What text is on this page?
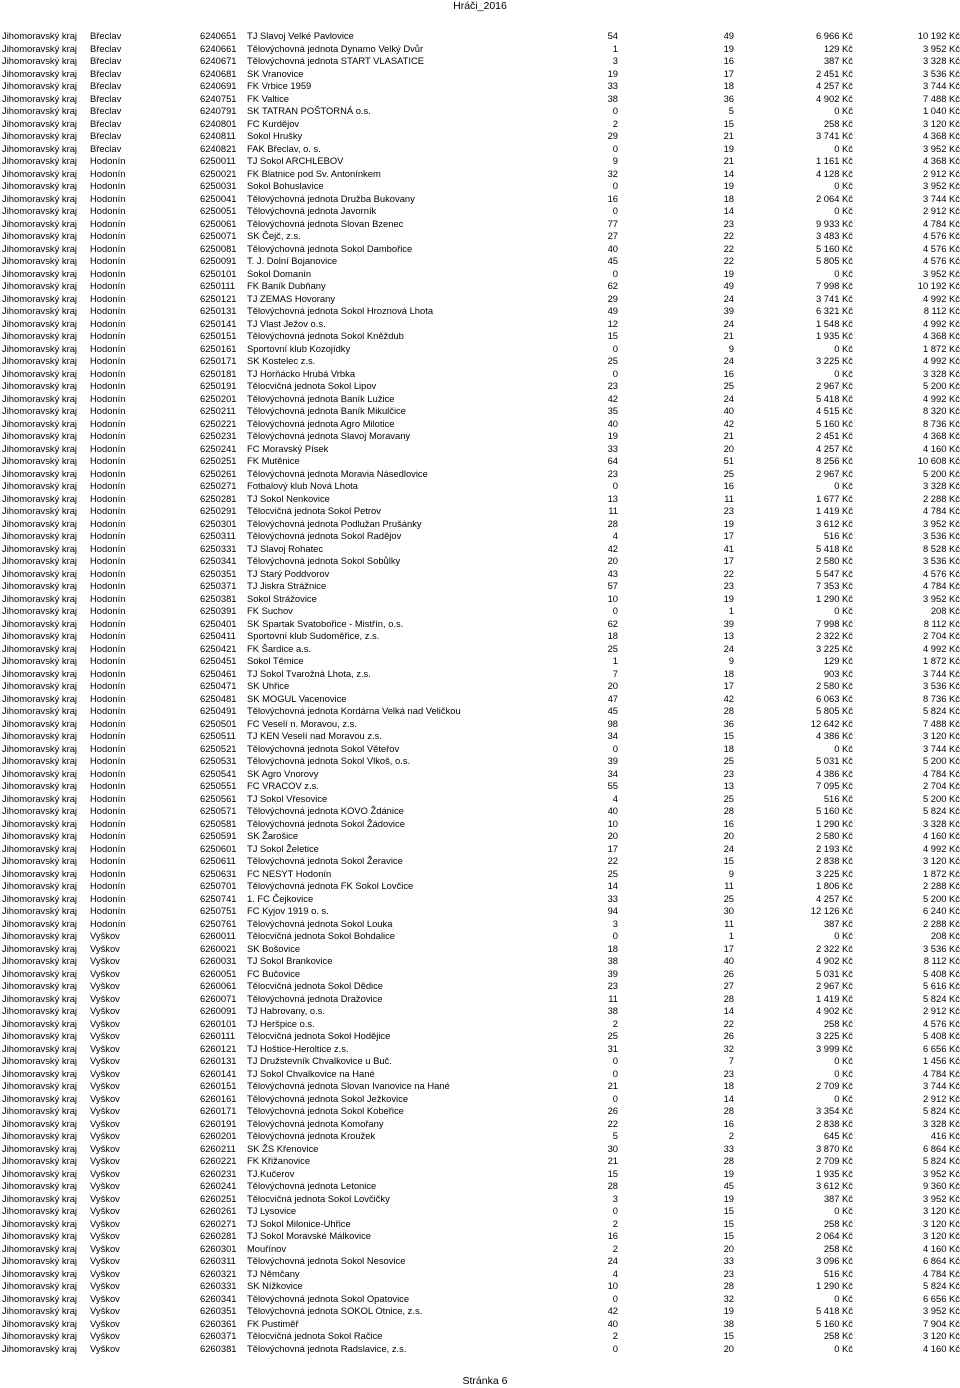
Hráči_2016
Jihomoravský kraj	Břeclav	6240651	TJ Slavoj Velké Pavlovice	54	49	6 966 Kč	10 192 Kč
Jihomoravský kraj	Břeclav	6240661	Tělovýchovná jednota Dynamo Velký Dvůr	1	19	129 Kč	3 952 Kč
Jihomoravský kraj	Břeclav	6240671	Tělovýchovná jednota START VLASATICE	3	16	387 Kč	3 328 Kč
Jihomoravský kraj	Břeclav	6240681	SK Vranovice	19	17	2 451 Kč	3 536 Kč
Jihomoravský kraj	Břeclav	6240691	FK Vrbice 1959	33	18	4 257 Kč	3 744 Kč
Jihomoravský kraj	Břeclav	6240751	FK Valtice	38	36	4 902 Kč	7 488 Kč
Jihomoravský kraj	Břeclav	6240791	SK TATRAN POŠTORNÁ o.s.	0	5	0 Kč	1 040 Kč
Jihomoravský kraj	Břeclav	6240801	FC Kurdějov	2	15	258 Kč	3 120 Kč
Jihomoravský kraj	Břeclav	6240811	Sokol Hrušky	29	21	3 741 Kč	4 368 Kč
Jihomoravský kraj	Břeclav	6240821	FAK Břeclav, o. s.	0	19	0 Kč	3 952 Kč
Jihomoravský kraj	Hodonín	6250011	TJ Sokol ARCHLEBOV	9	21	1 161 Kč	4 368 Kč
Jihomoravský kraj	Hodonín	6250021	FK Blatnice pod Sv. Antonínkem	32	14	4 128 Kč	2 912 Kč
Jihomoravský kraj	Hodonín	6250031	Sokol Bohuslavice	0	19	0 Kč	3 952 Kč
Jihomoravský kraj	Hodonín	6250041	Tělovýchovná jednota Družba Bukovany	16	18	2 064 Kč	3 744 Kč
Jihomoravský kraj	Hodonín	6250051	Tělovýchovná jednota Javorník	0	14	0 Kč	2 912 Kč
Jihomoravský kraj	Hodonín	6250061	Tělovýchovná jednota Slovan Bzenec	77	23	9 933 Kč	4 784 Kč
Jihomoravský kraj	Hodonín	6250071	SK Čejč, z.s.	27	22	3 483 Kč	4 576 Kč
Jihomoravský kraj	Hodonín	6250081	Tělovýchovná jednota Sokol Dambořice	40	22	5 160 Kč	4 576 Kč
Jihomoravský kraj	Hodonín	6250091	T. J. Dolní Bojanovice	45	22	5 805 Kč	4 576 Kč
Jihomoravský kraj	Hodonín	6250101	Sokol Domanín	0	19	0 Kč	3 952 Kč
Jihomoravský kraj	Hodonín	6250111	FK Baník Dubňany	62	49	7 998 Kč	10 192 Kč
Jihomoravský kraj	Hodonín	6250121	TJ ZEMAS Hovorany	29	24	3 741 Kč	4 992 Kč
Jihomoravský kraj	Hodonín	6250131	Tělovýchovná jednota Sokol Hroznová Lhota	49	39	6 321 Kč	8 112 Kč
Jihomoravský kraj	Hodonín	6250141	TJ Vlast Ježov o.s.	12	24	1 548 Kč	4 992 Kč
Jihomoravský kraj	Hodonín	6250151	Tělovýchovná jednota Sokol Kněždub	15	21	1 935 Kč	4 368 Kč
Jihomoravský kraj	Hodonín	6250161	Sportovní klub Kozojídky	0	9	0 Kč	1 872 Kč
Jihomoravský kraj	Hodonín	6250171	SK Kostelec z.s.	25	24	3 225 Kč	4 992 Kč
Jihomoravský kraj	Hodonín	6250181	TJ Horňácko Hrubá Vrbka	0	16	0 Kč	3 328 Kč
Jihomoravský kraj	Hodonín	6250191	Tělocvičná jednota Sokol Lipov	23	25	2 967 Kč	5 200 Kč
Jihomoravský kraj	Hodonín	6250201	Tělovýchovná jednota Baník Lužice	42	24	5 418 Kč	4 992 Kč
Jihomoravský kraj	Hodonín	6250211	Tělovýchovná jednota Baník Mikulčice	35	40	4 515 Kč	8 320 Kč
Jihomoravský kraj	Hodonín	6250221	Tělovýchovná jednota Agro Milotice	40	42	5 160 Kč	8 736 Kč
Jihomoravský kraj	Hodonín	6250231	Tělovýchovná jednota Slavoj Moravany	19	21	2 451 Kč	4 368 Kč
Jihomoravský kraj	Hodonín	6250241	FC Moravský Písek	33	20	4 257 Kč	4 160 Kč
Jihomoravský kraj	Hodonín	6250251	FK Mutěnice	64	51	8 256 Kč	10 608 Kč
Jihomoravský kraj	Hodonín	6250261	Tělovýchovná jednota Moravia Násedlovice	23	25	2 967 Kč	5 200 Kč
Jihomoravský kraj	Hodonín	6250271	Fotbalový klub Nová Lhota	0	16	0 Kč	3 328 Kč
Jihomoravský kraj	Hodonín	6250281	TJ Sokol Nenkovice	13	11	1 677 Kč	2 288 Kč
Jihomoravský kraj	Hodonín	6250291	Tělocvičná jednota Sokol Petrov	11	23	1 419 Kč	4 784 Kč
Jihomoravský kraj	Hodonín	6250301	Tělovýchovná jednota Podlužan Prušánky	28	19	3 612 Kč	3 952 Kč
Jihomoravský kraj	Hodonín	6250311	Tělovýchovná jednota Sokol Radějov	4	17	516 Kč	3 536 Kč
Jihomoravský kraj	Hodonín	6250331	TJ Slavoj Rohatec	42	41	5 418 Kč	8 528 Kč
Jihomoravský kraj	Hodonín	6250341	Tělovýchovná jednota Sokol Sobůlky	20	17	2 580 Kč	3 536 Kč
Jihomoravský kraj	Hodonín	6250351	TJ Starý Poddvorov	43	22	5 547 Kč	4 576 Kč
Jihomoravský kraj	Hodonín	6250371	TJ Jiskra Strážnice	57	23	7 353 Kč	4 784 Kč
Jihomoravský kraj	Hodonín	6250381	Sokol Strážovice	10	19	1 290 Kč	3 952 Kč
Jihomoravský kraj	Hodonín	6250391	FK Suchov	0	1	0 Kč	208 Kč
Jihomoravský kraj	Hodonín	6250401	SK Spartak Svatobořice - Mistřín, o.s.	62	39	7 998 Kč	8 112 Kč
Jihomoravský kraj	Hodonín	6250411	Sportovní klub Sudoměřice, z.s.	18	13	2 322 Kč	2 704 Kč
Jihomoravský kraj	Hodonín	6250421	FK Šardice a.s.	25	24	3 225 Kč	4 992 Kč
Jihomoravský kraj	Hodonín	6250451	Sokol Těmice	1	9	129 Kč	1 872 Kč
Jihomoravský kraj	Hodonín	6250461	TJ Sokol Tvarožná Lhota, z.s.	7	18	903 Kč	3 744 Kč
Jihomoravský kraj	Hodonín	6250471	SK Uhřice	20	17	2 580 Kč	3 536 Kč
Jihomoravský kraj	Hodonín	6250481	SK MOGUL Vacenovice	47	42	6 063 Kč	8 736 Kč
Jihomoravský kraj	Hodonín	6250491	Tělovýchovná jednota Kordárna Velká nad Veličkou	45	28	5 805 Kč	5 824 Kč
Jihomoravský kraj	Hodonín	6250501	FC Veselí n. Moravou, z.s.	98	36	12 642 Kč	7 488 Kč
Jihomoravský kraj	Hodonín	6250511	TJ KEN Veselí nad Moravou z.s.	34	15	4 386 Kč	3 120 Kč
Jihomoravský kraj	Hodonín	6250521	Tělovýchovná jednota Sokol Věteřov	0	18	0 Kč	3 744 Kč
Jihomoravský kraj	Hodonín	6250531	Tělovýchovná jednota Sokol Vlkoš, o.s.	39	25	5 031 Kč	5 200 Kč
Jihomoravský kraj	Hodonín	6250541	SK Agro Vnorovy	34	23	4 386 Kč	4 784 Kč
Jihomoravský kraj	Hodonín	6250551	FC VRACOV z.s.	55	13	7 095 Kč	2 704 Kč
Jihomoravský kraj	Hodonín	6250561	TJ Sokol Vřesovice	4	25	516 Kč	5 200 Kč
Jihomoravský kraj	Hodonín	6250571	Tělovýchovná jednota KOVO Ždánice	40	28	5 160 Kč	5 824 Kč
Jihomoravský kraj	Hodonín	6250581	Tělovýchovná jednota Sokol Žádovice	10	16	1 290 Kč	3 328 Kč
Jihomoravský kraj	Hodonín	6250591	SK Žarošice	20	20	2 580 Kč	4 160 Kč
Jihomoravský kraj	Hodonín	6250601	TJ Sokol Želetice	17	24	2 193 Kč	4 992 Kč
Jihomoravský kraj	Hodonín	6250611	Tělovýchovná jednota Sokol Žeravice	22	15	2 838 Kč	3 120 Kč
Jihomoravský kraj	Hodonín	6250631	FC NESYT Hodonín	25	9	3 225 Kč	1 872 Kč
Jihomoravský kraj	Hodonín	6250701	Tělovýchovná jednota FK Sokol Lovčice	14	11	1 806 Kč	2 288 Kč
Jihomoravský kraj	Hodonín	6250741	1. FC Čejkovice	33	25	4 257 Kč	5 200 Kč
Jihomoravský kraj	Hodonín	6250751	FC Kyjov 1919 o. s.	94	30	12 126 Kč	6 240 Kč
Jihomoravský kraj	Hodonín	6250761	Tělovýchovná jednota Sokol Louka	3	11	387 Kč	2 288 Kč
Jihomoravský kraj	Vyškov	6260011	Tělocvičná jednota Sokol Bohdalice	0	1	0 Kč	208 Kč
Jihomoravský kraj	Vyškov	6260021	SK Bošovice	18	17	2 322 Kč	3 536 Kč
Jihomoravský kraj	Vyškov	6260031	TJ Sokol Brankovice	38	40	4 902 Kč	8 112 Kč
Jihomoravský kraj	Vyškov	6260051	FC Bučovice	39	26	5 031 Kč	5 408 Kč
Jihomoravský kraj	Vyškov	6260061	Tělocvičná jednota Sokol Dědice	23	27	2 967 Kč	5 616 Kč
Jihomoravský kraj	Vyškov	6260071	Tělovýchovná jednota Dražovice	11	28	1 419 Kč	5 824 Kč
Jihomoravský kraj	Vyškov	6260091	TJ Habrovany, o.s.	38	14	4 902 Kč	2 912 Kč
Jihomoravský kraj	Vyškov	6260101	TJ Heršpice o.s.	2	22	258 Kč	4 576 Kč
Jihomoravský kraj	Vyškov	6260111	Tělocvičná jednota Sokol Hodějice	25	26	3 225 Kč	5 408 Kč
Jihomoravský kraj	Vyškov	6260121	TJ Hoštice-Heroltice z.s.	31	32	3 999 Kč	6 656 Kč
Jihomoravský kraj	Vyškov	6260131	TJ Družstevník Chvalkovice u Buč.	0	7	0 Kč	1 456 Kč
Jihomoravský kraj	Vyškov	6260141	TJ Sokol Chvalkovice na Hané	0	23	0 Kč	4 784 Kč
Jihomoravský kraj	Vyškov	6260151	Tělovýchovná jednota Slovan Ivanovice na Hané	21	18	2 709 Kč	3 744 Kč
Jihomoravský kraj	Vyškov	6260161	Tělovýchovná jednota Sokol Ježkovice	0	14	0 Kč	2 912 Kč
Jihomoravský kraj	Vyškov	6260171	Tělovýchovná jednota Sokol Kobeřice	26	28	3 354 Kč	5 824 Kč
Jihomoravský kraj	Vyškov	6260191	Tělovýchovná jednota Komořany	22	16	2 838 Kč	3 328 Kč
Jihomoravský kraj	Vyškov	6260201	Tělovýchovná jednota Kroužek	5	2	645 Kč	416 Kč
Jihomoravský kraj	Vyškov	6260211	SK ŽS Křenovice	30	33	3 870 Kč	6 864 Kč
Jihomoravský kraj	Vyškov	6260221	FK Křižanovice	21	28	2 709 Kč	5 824 Kč
Jihomoravský kraj	Vyškov	6260231	TJ.Kučerov	15	19	1 935 Kč	3 952 Kč
Jihomoravský kraj	Vyškov	6260241	Tělovýchovná jednota Letonice	28	45	3 612 Kč	9 360 Kč
Jihomoravský kraj	Vyškov	6260251	Tělocvičná jednota Sokol Lovčičky	3	19	387 Kč	3 952 Kč
Jihomoravský kraj	Vyškov	6260261	TJ Lysovice	0	15	0 Kč	3 120 Kč
Jihomoravský kraj	Vyškov	6260271	TJ Sokol Milonice-Uhřice	2	15	258 Kč	3 120 Kč
Jihomoravský kraj	Vyškov	6260281	TJ Sokol Moravské Málkovice	16	15	2 064 Kč	3 120 Kč
Jihomoravský kraj	Vyškov	6260301	Mouřínov	2	20	258 Kč	4 160 Kč
Jihomoravský kraj	Vyškov	6260311	Tělovýchovná jednota Sokol Nesovice	24	33	3 096 Kč	6 864 Kč
Jihomoravský kraj	Vyškov	6260321	TJ Němčany	4	23	516 Kč	4 784 Kč
Jihomoravský kraj	Vyškov	6260331	SK Nížkovice	10	28	1 290 Kč	5 824 Kč
Jihomoravský kraj	Vyškov	6260341	Tělovýchovná jednota Sokol Opatovice	0	32	0 Kč	6 656 Kč
Jihomoravský kraj	Vyškov	6260351	Tělovýchovná jednota SOKOL Otnice, z.s.	42	19	5 418 Kč	3 952 Kč
Jihomoravský kraj	Vyškov	6260361	FK Pustiměř	40	38	5 160 Kč	7 904 Kč
Jihomoravský kraj	Vyškov	6260371	Tělocvičná jednota Sokol Račice	2	15	258 Kč	3 120 Kč
Jihomoravský kraj	Vyškov	6260381	Tělovýchovná jednota Radslavice, z.s.	0	20	0 Kč	4 160 Kč
Stránka 6
